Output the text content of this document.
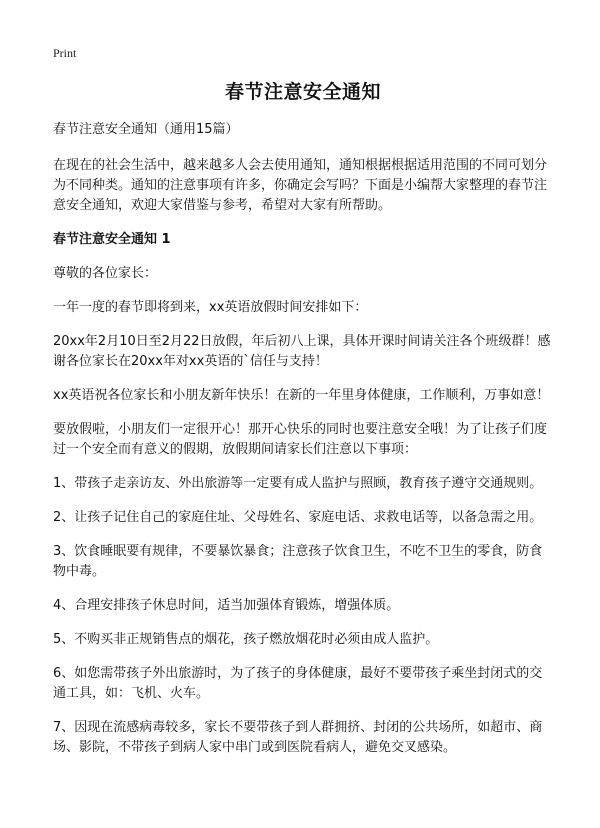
Print
春节注意安全通知

春节注意安全通知（通用15篇）

在现在的社会生活中，越来越多人会去使用通知，通知根据根据适用范围的不同可划分为不同种类。通知的注意事项有许多，你确定会写吗？下面是小编帮大家整理的春节注意安全通知，欢迎大家借鉴与参考，希望对大家有所帮助。

春节注意安全通知 1

尊敬的各位家长：

一年一度的春节即将到来，xx英语放假时间安排如下：

20xx年2月10日至2月22日放假，年后初八上课，具体开课时间请关注各个班级群！感谢各位家长在20xx年对xx英语的`信任与支持！

xx英语祝各位家长和小朋友新年快乐！在新的一年里身体健康，工作顺利，万事如意！

要放假啦，小朋友们一定很开心！那开心快乐的同时也要注意安全哦！为了让孩子们度过一个安全而有意义的假期，放假期间请家长们注意以下事项：

1、带孩子走亲访友、外出旅游等一定要有成人监护与照顾，教育孩子遵守交通规则。

2、让孩子记住自己的家庭住址、父母姓名、家庭电话、求救电话等，以备急需之用。

3、饮食睡眠要有规律，不要暴饮暴食；注意孩子饮食卫生，不吃不卫生的零食，防食物中毒。

4、合理安排孩子休息时间，适当加强体育锻炼，增强体质。

5、不购买非正规销售点的烟花，孩子燃放烟花时必须由成人监护。

6、如您需带孩子外出旅游时，为了孩子的身体健康，最好不要带孩子乘坐封闭式的交通工具，如：飞机、火车。

7、因现在流感病毒较多，家长不要带孩子到人群拥挤、封闭的公共场所，如超市、商场、影院，不带孩子到病人家中串门或到医院看病人，避免交叉感染。
